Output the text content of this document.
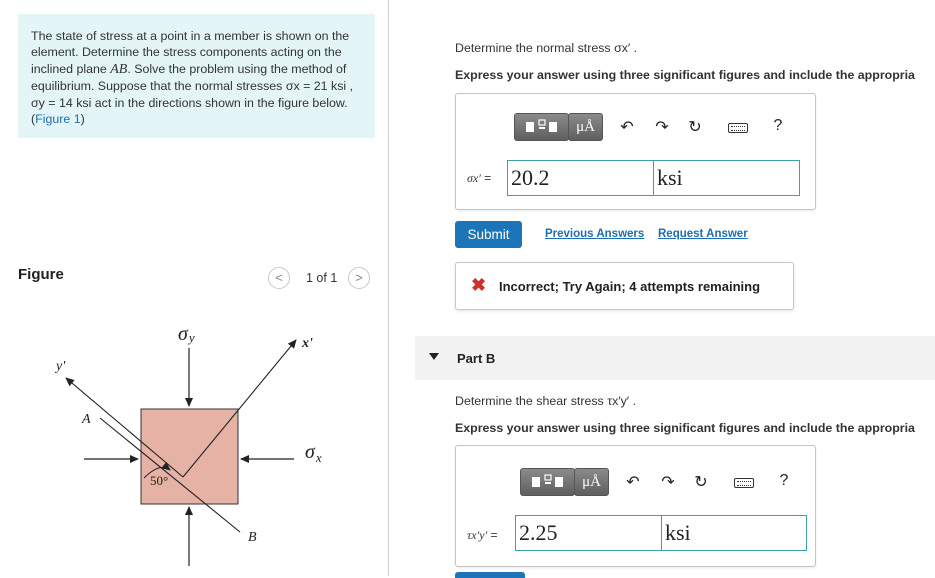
The state of stress at a point in a member is shown on the element. Determine the stress components acting on the inclined plane AB. Solve the problem using the method of equilibrium. Suppose that the normal stresses σx = 21 ksi , σy = 14 ksi act in the directions shown in the figure below. (Figure 1)
Figure	<	1 of 1	>
σy
$\sigma_x$
x'
y'
A
B
50°
Determine the normal stress σx′ .
Express your answer using three significant figures and include the appropria
μÅ	↶ ↷ ↻	?
σx′ = 20.2	ksi
Submit	Previous Answers Request Answer
✖ Incorrect; Try Again; 4 attempts remaining
Part B
Determine the shear stress τx′y′ .
Express your answer using three significant figures and include the appropria
μÅ	↶ ↷ ↻	?
τx′y′ = 2.25	ksi
